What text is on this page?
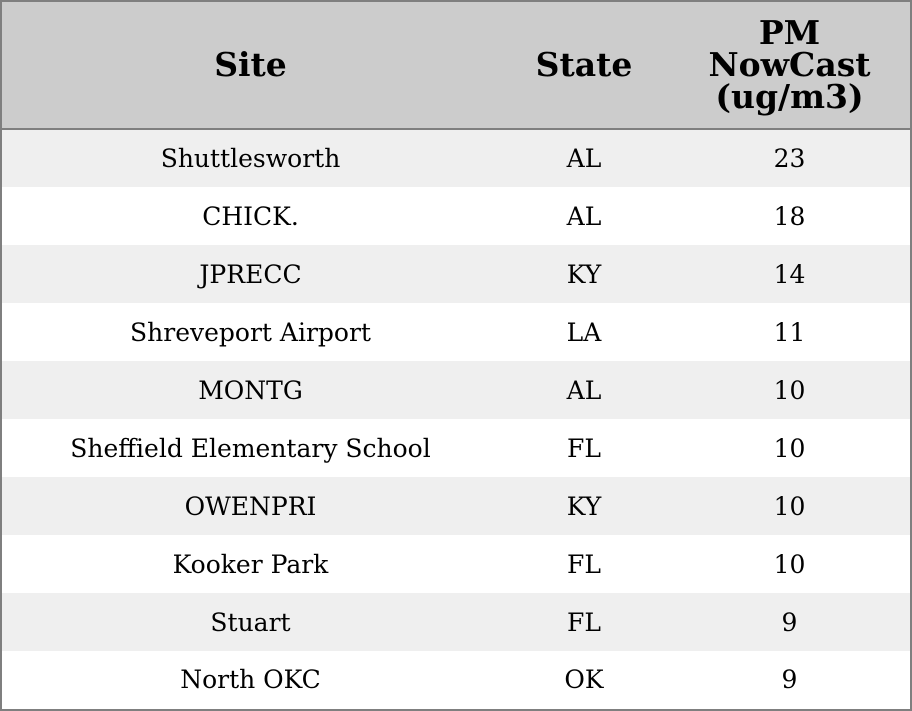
Site	State	PM
NowCast
(ug/m3)
Shuttlesworth	AL	23
CHICK.	AL	18
JPRECC	KY	14
Shreveport Airport	LA	11
MONTG	AL	10
Sheffield Elementary School	FL	10
OWENPRI	KY	10
Kooker Park	FL	10
Stuart	FL	9
North OKC	OK	9
